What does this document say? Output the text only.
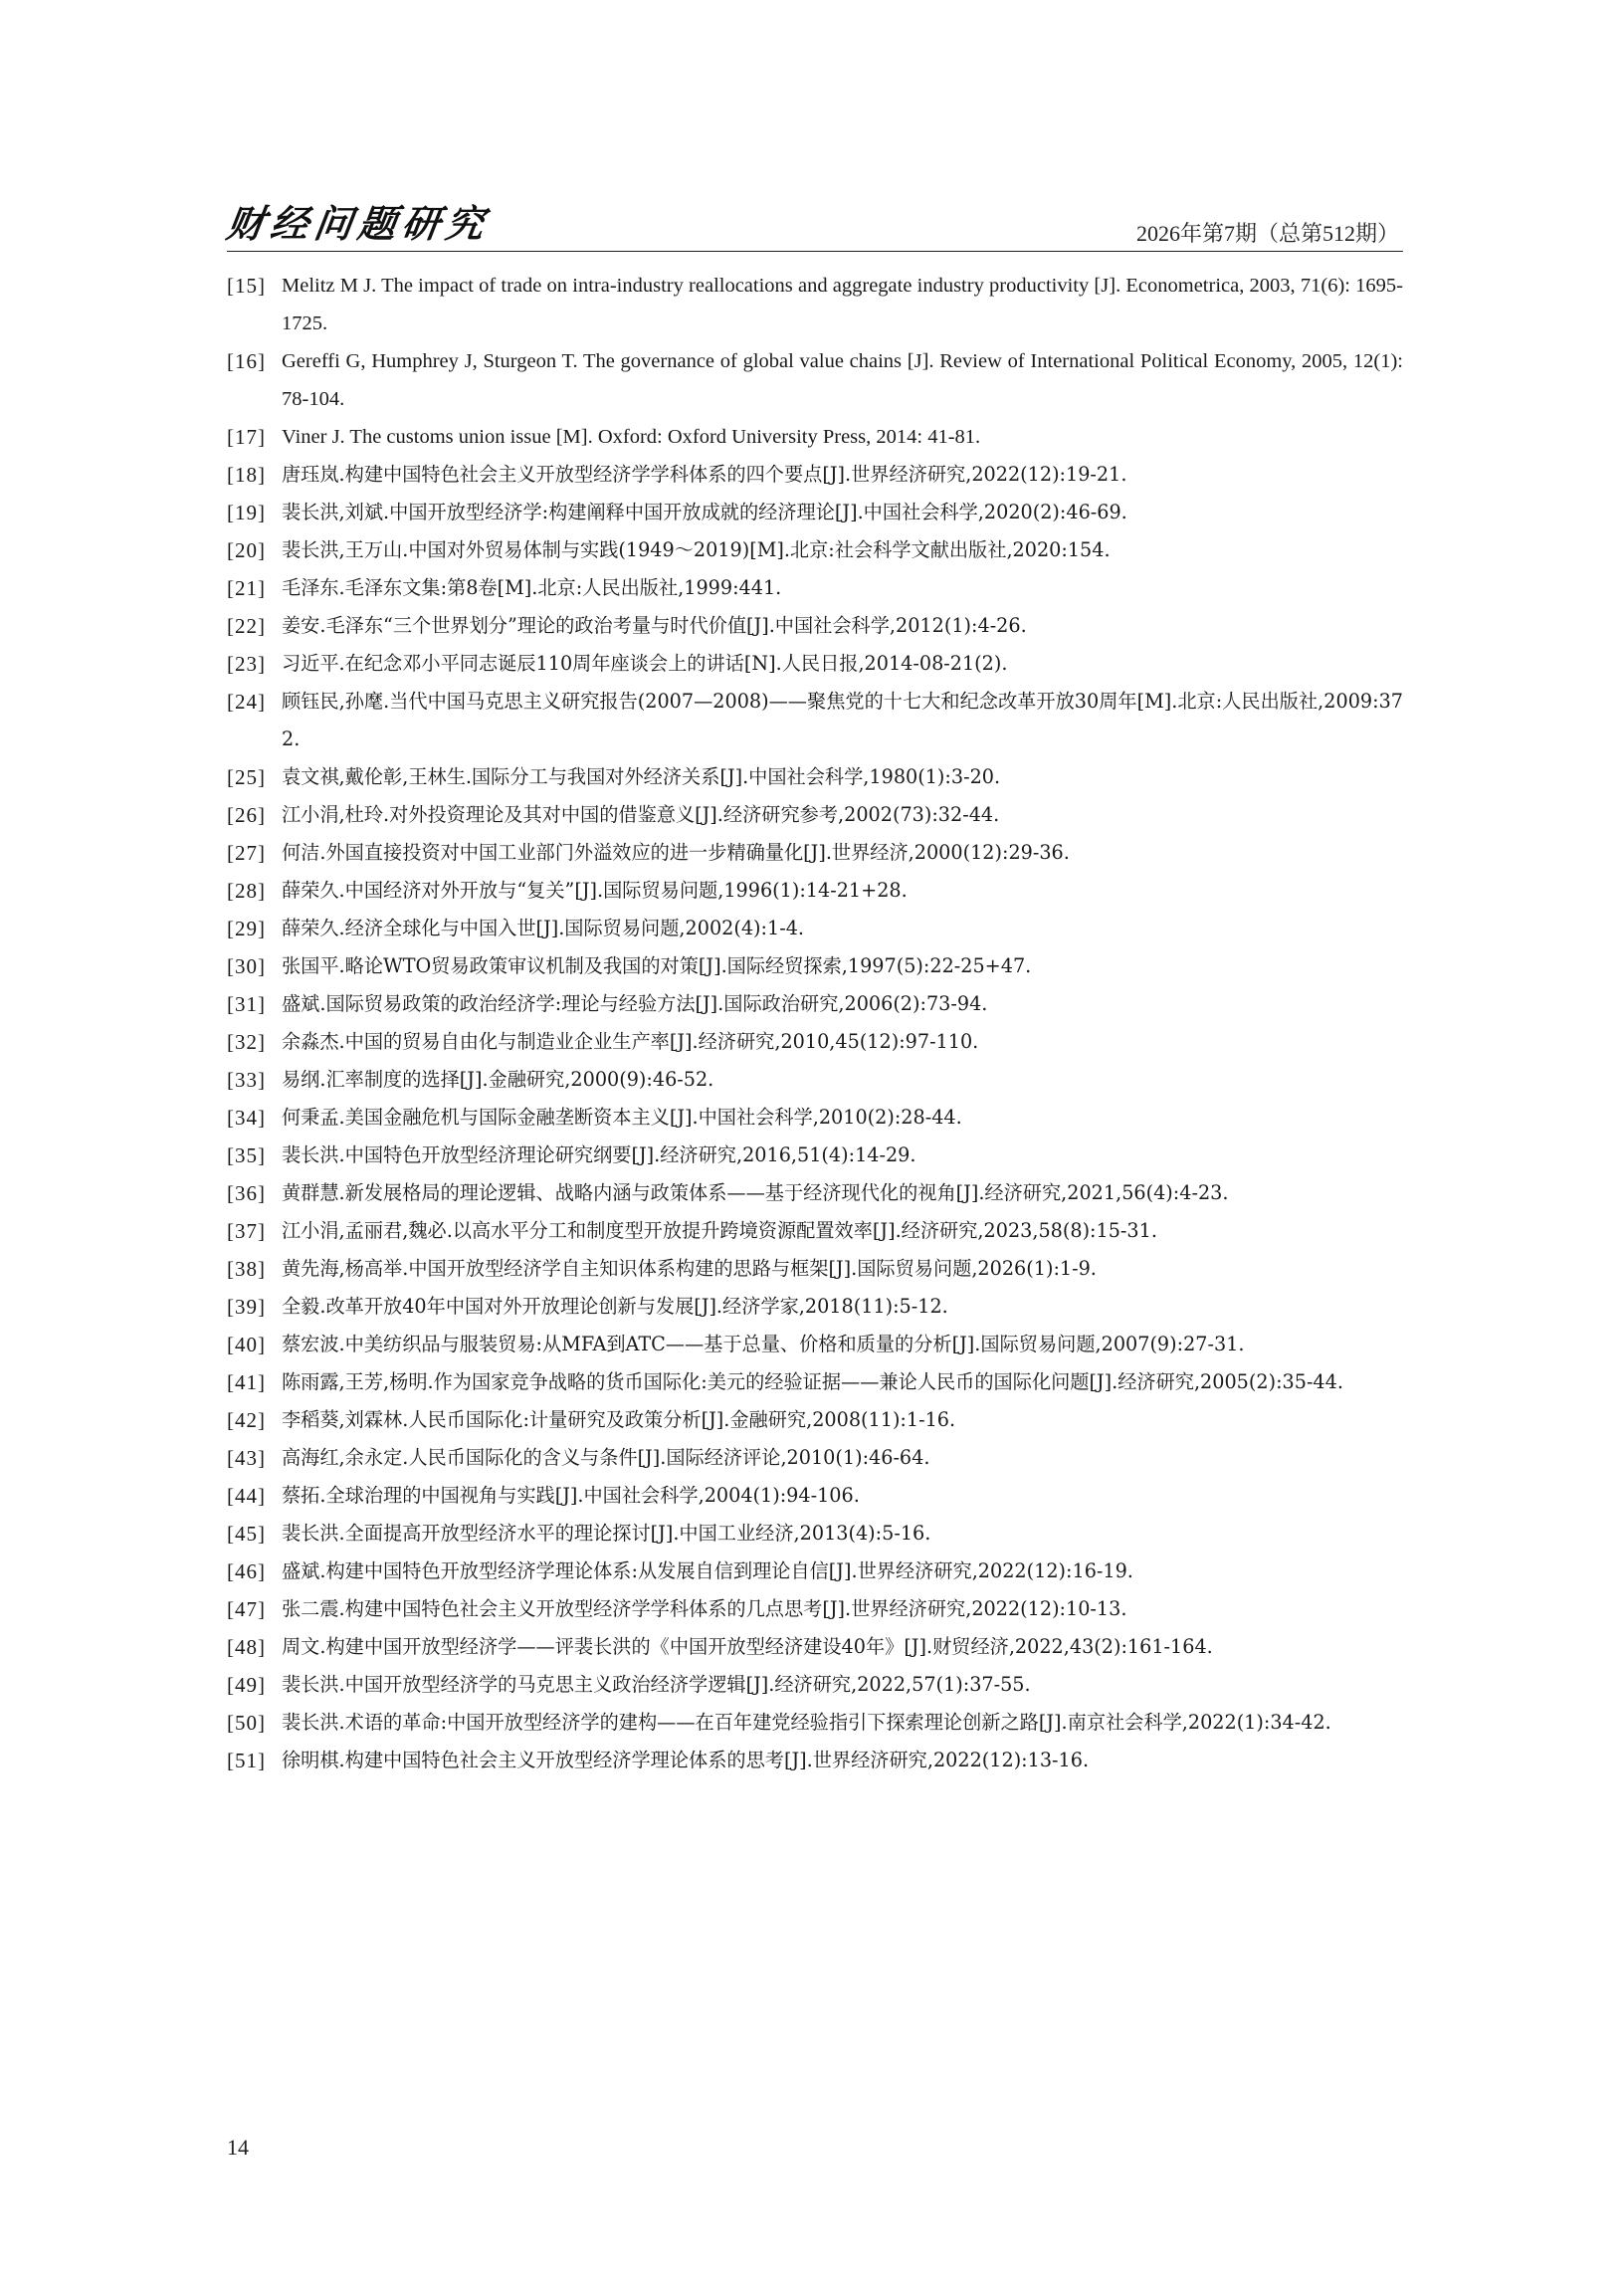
财经问题研究	2026年第7期（总第512期）
[15] Melitz M J. The impact of trade on intra-industry reallocations and aggregate industry productivity [J]. Econometrica, 2003, 71(6): 1695-1725.
[16] Gereffi G, Humphrey J, Sturgeon T. The governance of global value chains [J]. Review of International Political Economy, 2005, 12(1): 78-104.
[17] Viner J. The customs union issue [M]. Oxford: Oxford University Press, 2014: 41-81.
[18] 唐珏岚.构建中国特色社会主义开放型经济学学科体系的四个要点[J].世界经济研究,2022(12):19-21.
[19] 裴长洪,刘斌.中国开放型经济学:构建阐释中国开放成就的经济理论[J].中国社会科学,2020(2):46-69.
[20] 裴长洪,王万山.中国对外贸易体制与实践(1949～2019)[M].北京:社会科学文献出版社,2020:154.
[21] 毛泽东.毛泽东文集:第8卷[M].北京:人民出版社,1999:441.
[22] 姜安.毛泽东“三个世界划分”理论的政治考量与时代价值[J].中国社会科学,2012(1):4-26.
[23] 习近平.在纪念邓小平同志诞辰110周年座谈会上的讲话[N].人民日报,2014-08-21(2).
[24] 顾钰民,孙麾.当代中国马克思主义研究报告(2007—2008)——聚焦党的十七大和纪念改革开放30周年[M].北京:人民出版社,2009:372.
[25] 袁文祺,戴伦彰,王林生.国际分工与我国对外经济关系[J].中国社会科学,1980(1):3-20.
[26] 江小涓,杜玲.对外投资理论及其对中国的借鉴意义[J].经济研究参考,2002(73):32-44.
[27] 何洁.外国直接投资对中国工业部门外溢效应的进一步精确量化[J].世界经济,2000(12):29-36.
[28] 薛荣久.中国经济对外开放与“复关”[J].国际贸易问题,1996(1):14-21+28.
[29] 薛荣久.经济全球化与中国入世[J].国际贸易问题,2002(4):1-4.
[30] 张国平.略论WTO贸易政策审议机制及我国的对策[J].国际经贸探索,1997(5):22-25+47.
[31] 盛斌.国际贸易政策的政治经济学:理论与经验方法[J].国际政治研究,2006(2):73-94.
[32] 余淼杰.中国的贸易自由化与制造业企业生产率[J].经济研究,2010,45(12):97-110.
[33] 易纲.汇率制度的选择[J].金融研究,2000(9):46-52.
[34] 何秉孟.美国金融危机与国际金融垄断资本主义[J].中国社会科学,2010(2):28-44.
[35] 裴长洪.中国特色开放型经济理论研究纲要[J].经济研究,2016,51(4):14-29.
[36] 黄群慧.新发展格局的理论逻辑、战略内涵与政策体系——基于经济现代化的视角[J].经济研究,2021,56(4):4-23.
[37] 江小涓,孟丽君,魏必.以高水平分工和制度型开放提升跨境资源配置效率[J].经济研究,2023,58(8):15-31.
[38] 黄先海,杨高举.中国开放型经济学自主知识体系构建的思路与框架[J].国际贸易问题,2026(1):1-9.
[39] 全毅.改革开放40年中国对外开放理论创新与发展[J].经济学家,2018(11):5-12.
[40] 蔡宏波.中美纺织品与服装贸易:从MFA到ATC——基于总量、价格和质量的分析[J].国际贸易问题,2007(9):27-31.
[41] 陈雨露,王芳,杨明.作为国家竞争战略的货币国际化:美元的经验证据——兼论人民币的国际化问题[J].经济研究,2005(2):35-44.
[42] 李稻葵,刘霖林.人民币国际化:计量研究及政策分析[J].金融研究,2008(11):1-16.
[43] 高海红,余永定.人民币国际化的含义与条件[J].国际经济评论,2010(1):46-64.
[44] 蔡拓.全球治理的中国视角与实践[J].中国社会科学,2004(1):94-106.
[45] 裴长洪.全面提高开放型经济水平的理论探讨[J].中国工业经济,2013(4):5-16.
[46] 盛斌.构建中国特色开放型经济学理论体系:从发展自信到理论自信[J].世界经济研究,2022(12):16-19.
[47] 张二震.构建中国特色社会主义开放型经济学学科体系的几点思考[J].世界经济研究,2022(12):10-13.
[48] 周文.构建中国开放型经济学——评裴长洪的《中国开放型经济建设40年》[J].财贸经济,2022,43(2):161-164.
[49] 裴长洪.中国开放型经济学的马克思主义政治经济学逻辑[J].经济研究,2022,57(1):37-55.
[50] 裴长洪.术语的革命:中国开放型经济学的建构——在百年建党经验指引下探索理论创新之路[J].南京社会科学,2022(1):34-42.
[51] 徐明棋.构建中国特色社会主义开放型经济学理论体系的思考[J].世界经济研究,2022(12):13-16.
14
